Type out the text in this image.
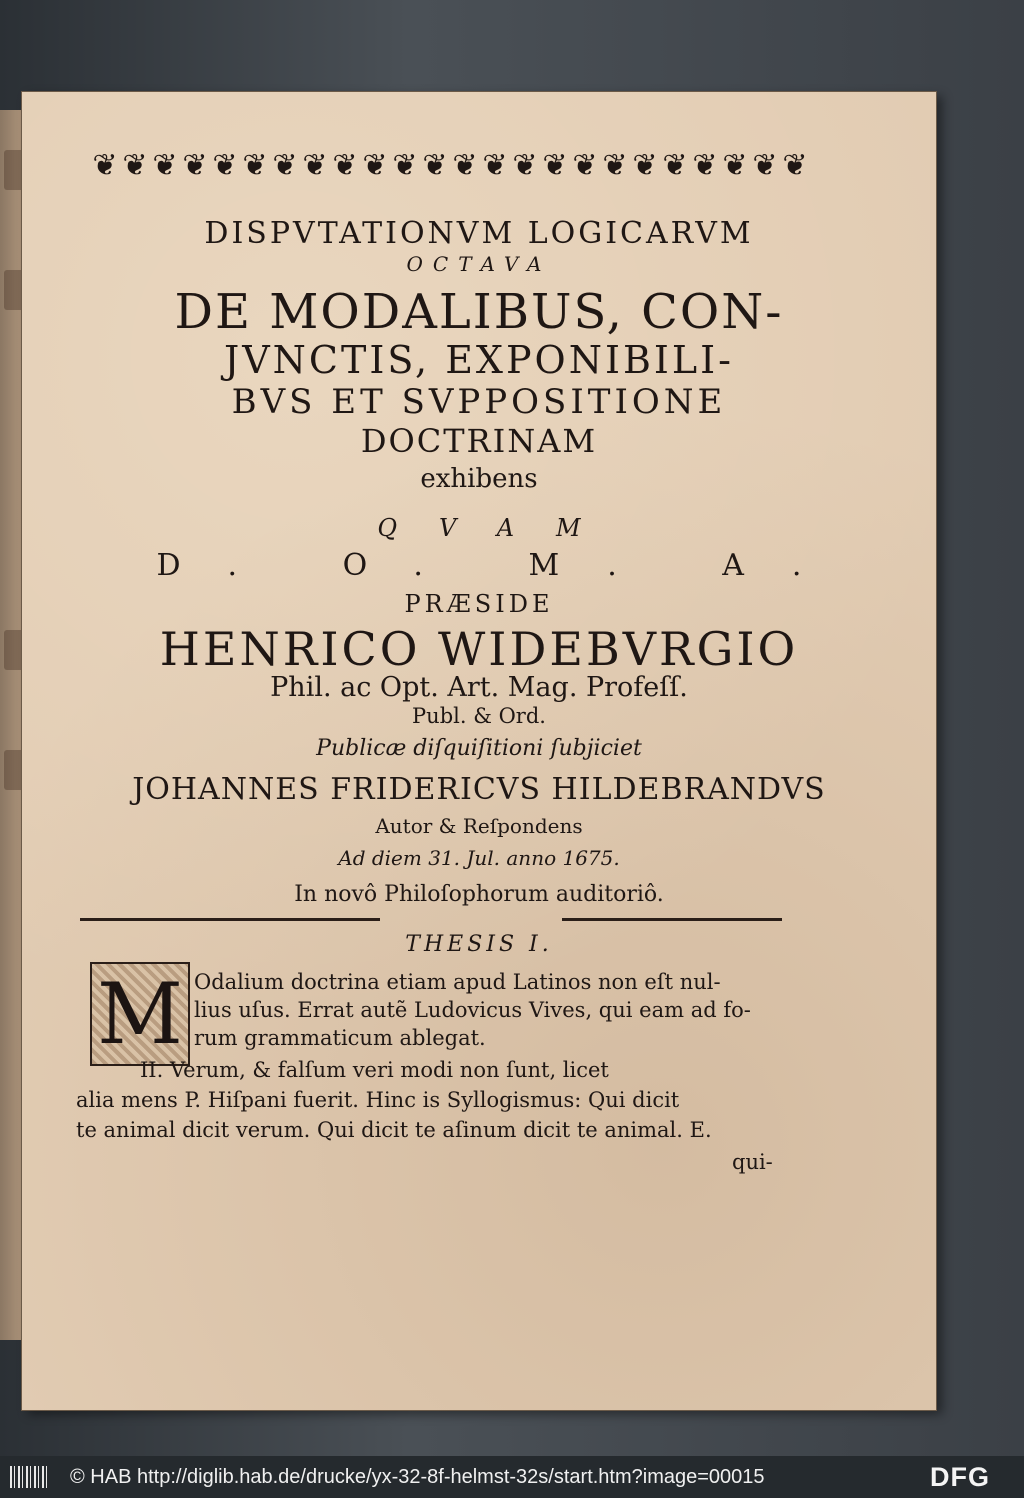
❦ ❦ ❦ ❦ ❦ ❦ ❦ ❦ ❦ ❦ ❦ ❦ ❦ ❦ ❦ ❦ ❦ ❦ ❦ ❦ ❦ ❦ ❦ ❦
DISPVTATIONVM LOGICARVM
OCTAVA
DE MODALIBUS, CON-
JVNCTIS, EXPONIBILI-
BVS ET SVPPOSITIONE
DOCTRINAM
exhibens
QVAM
D. O. M. A.
PRÆSIDE
HENRICO WIDEBVRGIO
Phil. ac Opt. Art. Mag. Profeſſ.
Publ. & Ord.
Publicæ diſquiſitioni ſubjiciet
JOHANNES FRIDERICVS HILDEBRANDVS
Autor & Reſpondens
Ad diem 31. Jul. anno 1675.
In novô Philoſophorum auditoriô.
THESIS I.
M Odalium doctrina etiam apud Latinos non eſt nul-
lius uſus. Errat autẽ Ludovicus Vives, qui eam ad fo-
rum grammaticum ablegat.
II. Verum, & falſum veri modi non ſunt, licet
alia mens P. Hiſpani fuerit. Hinc is Syllogismus: Qui dicit
te animal dicit verum. Qui dicit te aſinum dicit te animal. E.
qui-
© HAB http://diglib.hab.de/drucke/yx-32-8f-helmst-32s/start.htm?image=00015	DFG
